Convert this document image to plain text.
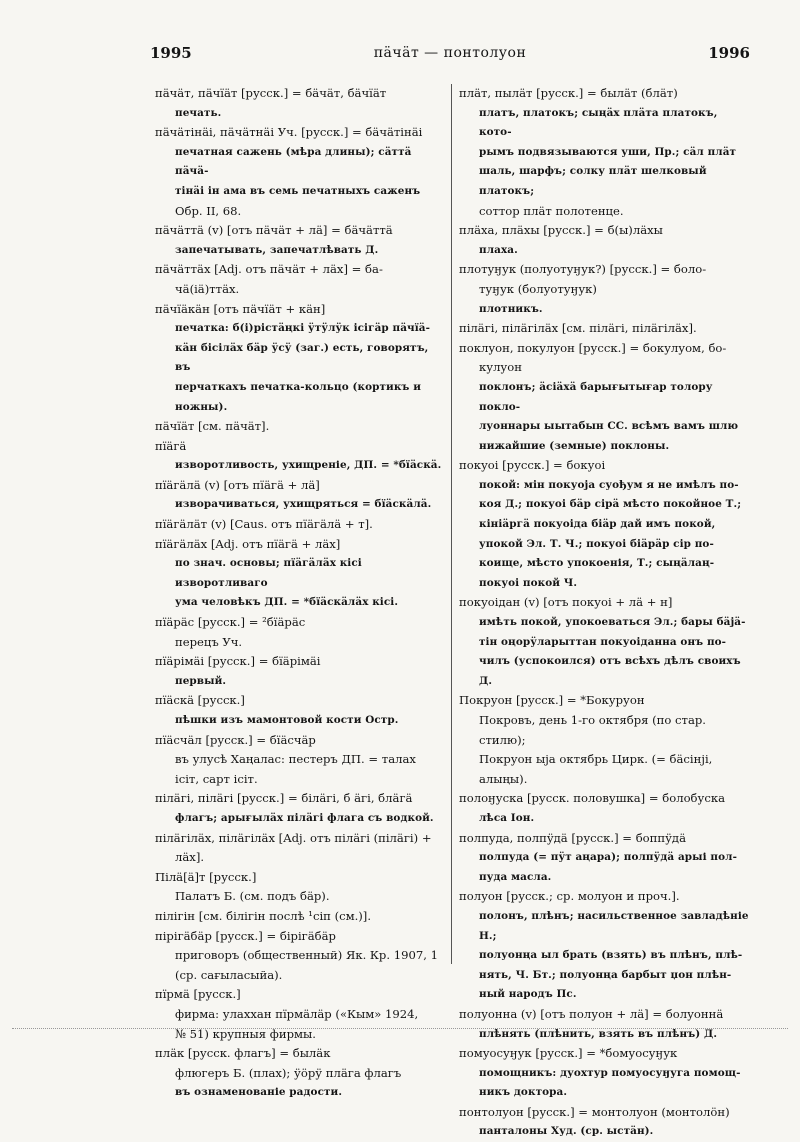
1995	пäчäт — понтолуон	1996
пäчäт, пäчïäт [русск.] = бäчäт, бäчïäт
печать.
пäчäтiнäi, пäчäтнäi Уч. [русск.] = бäчäтiнäi
печатная сажень (мѣра длины); сäттä пäчä-
тiнäi iн ама въ семь печатныхъ саженъ
Обр. II, 68.
пäчäттä (v) [отъ пäчäт + лä] = бäчäттä
запечатывать, запечатлѣвать Д.
пäчäттäх [Adj. отъ пäчäт + лäх] = ба-
чä(iä)ттäх.
пäчïäкäн [отъ пäчïäт + кäн]
печатка: б(i)рiстäңкi ӱтӱлӱк iсiгäр пäчïä-
кäн бiсiлäх бäр ӱсӱ (заг.) есть, говорятъ, въ
перчаткахъ печатка-кольцо (кортикъ и ножны).
пäчïäт [см. пäчäт].
пïäгä
изворотливость, ухищреніе, ДП. = *бïäскä.
пïäгäлä (v) [отъ пïäгä + лä]
изворачиваться, ухищряться = бïäскäлä.
пïäгäлäт (v) [Caus. отъ пïäгäлä + т].
пïäгäлäх [Adj. отъ пïäгä + лäх]
по знач. основы; пïäгäлäх кiсi изворотливаго
ума человѣкъ ДП. = *бïäскäлäх кiсi.
пïäрäс [русск.] = ²бïäрäс
перецъ Уч.
пïäрiмäi [русск.] = бïäрiмäi
первый.
пïäскä [русск.]
пѣшки изъ мамонтовой кости Остр.
пïäсчäл [русск.] = бïäсчäр
въ улусѣ Хаңалас: пестеръ ДП. = талах
iсiт, сарт iсiт.
пiлäгi, пiлäгi [русск.] = бiлäгi, б äгi, блäгä
флагъ; арығылäх пiлäгi флага съ водкой.
пiлäгiлäх, пiлäгiлäх [Adj. отъ пiлäгi (пiлäгi) +
лäх].
Пiлä[ä]т [русск.]
Палатъ Б. (см. подъ бäр).
пiлiгiн [см. бiлiгiн послѣ ¹сiп (см.)].
пiрiгäбäр [русск.] = бiрiгäбäр
приговоръ (общественный) Як. Кр. 1907, 1
(ср. сағыласыйа).
пïрмä [русск.]
фирма: улаххан пïрмäлäр («Кым» 1924,
№ 51) крупныя фирмы.
плäк [русск. флагъ] = былäк
флюгеръ Б. (плах); ӱöрӱ плäга флагъ
въ ознаменованіе радости.
плäт, пылäт [русск.] = былäт (блäт)
платъ, платокъ; сыңäх плäта платокъ, кото-
рымъ подвязываются уши, Пр.; сäл плäт
шаль, шарфъ; солку плäт шелковый платокъ;
соттор плäт полотенце.
плäха, плäхы [русск.] = б(ы)лäхы
плаха.
плотуӈук (полуотуӈук?) [русск.] = боло-
туӈук (болуотуӈук)
плотникъ.
пiлäгi, пiлäгiлäх [см. пiлäгi, пiлäгiлäх].
поклуон, покулуон [русск.] = бокулуом, бо-
кулуон
поклонъ; äсiäхä барығытығар толору покло-
луоннары ыытабын СС. всѣмъ вамъ шлю
нижайшие (земные) поклоны.
покуоi [русск.] = бокуоi
покой: мiн покуоjа суођум я не имѣлъ по-
коя Д.; покуоi бäр сiрä мѣсто покойное Т.;
кiнiäргä покуоiда бiäр дай имъ покой,
упокой Эл. Т. Ч.; покуоi бiäрäр сiр по-
коище, мѣсто упокоенія, Т.; сыңäлаң-
покуоi покой Ч.
покуоiдан (v) [отъ покуоi + лä + н]
имѣть покой, упокоеваться Эл.; бары бäjä-
тiн оңорӱларыттан покуоiданна онъ по-
чилъ (успокоился) отъ всѣхъ дѣлъ своихъ Д.
Покруон [русск.] = *Бокуруон
Покровъ, день 1-го октября (по стар. стилю);
Покруон ыjа октябрь Цирк. (= бäсiнji,
алыңы).
полоӈуска [русск. половушка] = болобуска
лѣса Iон.
полпуда, полпӱдä [русск.] = боппӱдä
полпуда (= пӱт аңара); полпӱдä арыі пол-
пуда масла.
полуон [русск.; ср. молуон и проч.].
полонъ, плѣнъ; насильственное завладѣніе Н.;
полуонңа ыл брать (взять) въ плѣнъ, плѣ-
нять, Ч. Бт.; полуонңа барбыт џон плѣн-
ный народъ Пс.
полуонна (v) [отъ полуон + лä] = болуоннä
плѣнять (плѣнить, взять въ плѣнъ) Д.
помуосуӈук [русск.] = *бомуосуӈук
помощникъ: дуохтур помуосуӈуга помощ-
никъ доктора.
понтолуон [русск.] = монтолуон (монтолöн)
панталоны Худ. (ср. ыстäн).
